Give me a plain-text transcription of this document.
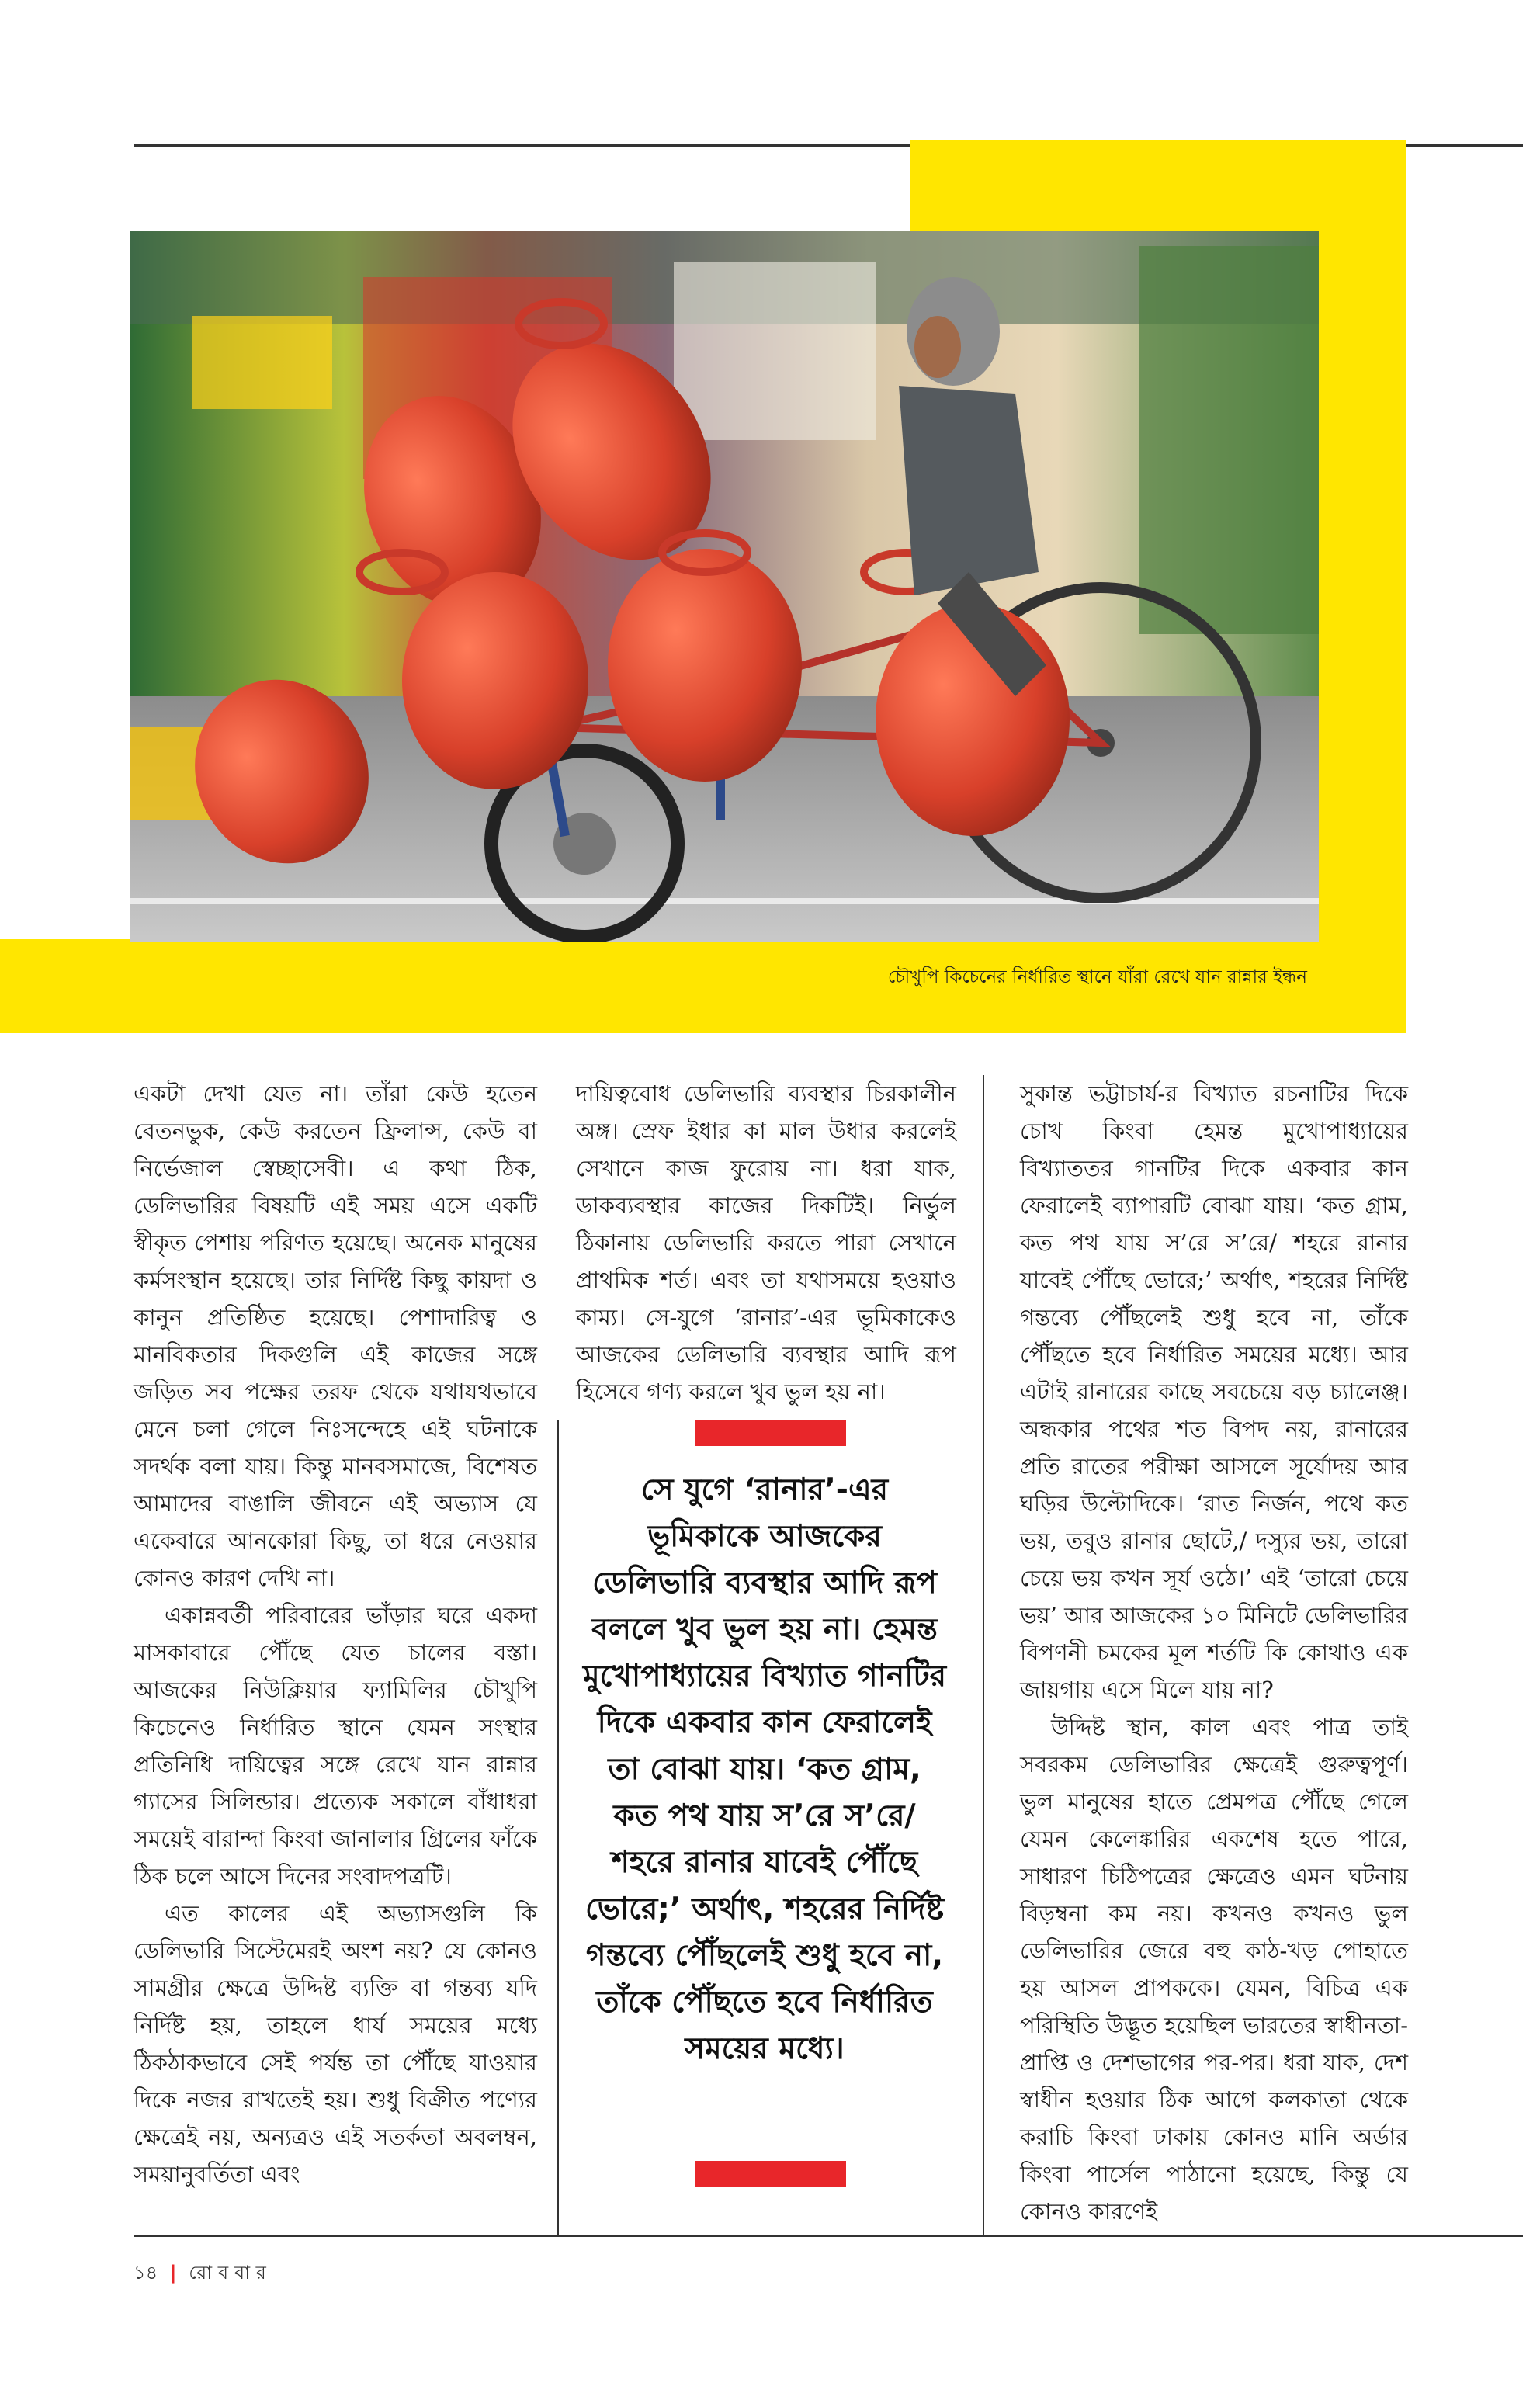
চৌখুপি কিচেনের নির্ধারিত স্থানে যাঁরা রেখে যান রান্নার ইন্ধন

একটা দেখা যেত না। তাঁরা কেউ হতেন বেতনভুক, কেউ করতেন ফ্রিলান্স, কেউ বা নির্ভেজাল স্বেচ্ছাসেবী। এ কথা ঠিক, ডেলিভারির বিষয়টি এই সময় এসে একটি স্বীকৃত পেশায় পরিণত হয়েছে। অনেক মানুষের কর্মসংস্থান হয়েছে। তার নির্দিষ্ট কিছু কায়দা ও কানুন প্রতিষ্ঠিত হয়েছে। পেশাদারিত্ব ও মানবিকতার দিকগুলি এই কাজের সঙ্গে জড়িত সব পক্ষের তরফ থেকে যথাযথভাবে মেনে চলা গেলে নিঃসন্দেহে এই ঘটনাকে সদর্থক বলা যায়। কিন্তু মানবসমাজে, বিশেষত আমাদের বাঙালি জীবনে এই অভ্যাস যে একেবারে আনকোরা কিছু, তা ধরে নেওয়ার কোনও কারণ দেখি না।

একান্নবর্তী পরিবারের ভাঁড়ার ঘরে একদা মাসকাবারে পৌঁছে যেত চালের বস্তা। আজকের নিউক্লিয়ার ফ্যামিলির চৌখুপি কিচেনেও নির্ধারিত স্থানে যেমন সংস্থার প্রতিনিধি দায়িত্বের সঙ্গে রেখে যান রান্নার গ্যাসের সিলিন্ডার। প্রত্যেক সকালে বাঁধাধরা সময়েই বারান্দা কিংবা জানালার গ্রিলের ফাঁকে ঠিক চলে আসে দিনের সংবাদপত্রটি।

এত কালের এই অভ্যাসগুলি কি ডেলিভারি সিস্টেমেরই অংশ নয়? যে কোনও সামগ্রীর ক্ষেত্রে উদ্দিষ্ট ব্যক্তি বা গন্তব্য যদি নির্দিষ্ট হয়, তাহলে ধার্য সময়ের মধ্যে ঠিকঠাকভাবে সেই পর্যন্ত তা পৌঁছে যাওয়ার দিকে নজর রাখতেই হয়। শুধু বিক্রীত পণ্যের ক্ষেত্রেই নয়, অন্যত্রও এই সতর্কতা অবলম্বন, সময়ানুবর্তিতা এবং

দায়িত্ববোধ ডেলিভারি ব্যবস্থার চিরকালীন অঙ্গ। স্রেফ ইধার কা মাল উধার করলেই সেখানে কাজ ফুরোয় না। ধরা যাক, ডাকব্যবস্থার কাজের দিকটিই। নির্ভুল ঠিকানায় ডেলিভারি করতে পারা সেখানে প্রাথমিক শর্ত। এবং তা যথাসময়ে হওয়াও কাম্য। সে-যুগে ‘রানার’-এর ভূমিকাকেও আজকের ডেলিভারি ব্যবস্থার আদি রূপ হিসেবে গণ্য করলে খুব ভুল হয় না।

সে যুগে ‘রানার’-এর ভূমিকাকে আজকের ডেলিভারি ব্যবস্থার আদি রূপ বললে খুব ভুল হয় না। হেমন্ত মুখোপাধ্যায়ের বিখ্যাত গানটির দিকে একবার কান ফেরালেই তা বোঝা যায়। ‘কত গ্রাম, কত পথ যায় স’রে স’রে/ শহরে রানার যাবেই পৌঁছে ভোরে;’ অর্থাৎ, শহরের নির্দিষ্ট গন্তব্যে পৌঁছলেই শুধু হবে না, তাঁকে পৌঁছতে হবে নির্ধারিত সময়ের মধ্যে।

সুকান্ত ভট্টাচার্য-র বিখ্যাত রচনাটির দিকে চোখ কিংবা হেমন্ত মুখোপাধ্যায়ের বিখ্যাততর গানটির দিকে একবার কান ফেরালেই ব্যাপারটি বোঝা যায়। ‘কত গ্রাম, কত পথ যায় স’রে স’রে/ শহরে রানার যাবেই পৌঁছে ভোরে;’ অর্থাৎ, শহরের নির্দিষ্ট গন্তব্যে পৌঁছলেই শুধু হবে না, তাঁকে পৌঁছতে হবে নির্ধারিত সময়ের মধ্যে। আর এটাই রানারের কাছে সবচেয়ে বড় চ্যালেঞ্জ। অন্ধকার পথের শত বিপদ নয়, রানারের প্রতি রাতের পরীক্ষা আসলে সূর্যোদয় আর ঘড়ির উল্টোদিকে। ‘রাত নির্জন, পথে কত ভয়, তবুও রানার ছোটে,/ দস্যুর ভয়, তারো চেয়ে ভয় কখন সূর্য ওঠে।’ এই ‘তারো চেয়ে ভয়’ আর আজকের ১০ মিনিটে ডেলিভারির বিপণনী চমকের মূল শর্তটি কি কোথাও এক জায়গায় এসে মিলে যায় না?

উদ্দিষ্ট স্থান, কাল এবং পাত্র তাই সবরকম ডেলিভারির ক্ষেত্রেই গুরুত্বপূর্ণ। ভুল মানুষের হাতে প্রেমপত্র পৌঁছে গেলে যেমন কেলেঙ্কারির একশেষ হতে পারে, সাধারণ চিঠিপত্রের ক্ষেত্রেও এমন ঘটনায় বিড়ম্বনা কম নয়। কখনও কখনও ভুল ডেলিভারির জেরে বহু কাঠ-খড় পোহাতে হয় আসল প্রাপককে। যেমন, বিচিত্র এক পরিস্থিতি উদ্ভূত হয়েছিল ভারতের স্বাধীনতা-প্রাপ্তি ও দেশভাগের পর-পর। ধরা যাক, দেশ স্বাধীন হওয়ার ঠিক আগে কলকাতা থেকে করাচি কিংবা ঢাকায় কোনও মানি অর্ডার কিংবা পার্সেল পাঠানো হয়েছে, কিন্তু যে কোনও কারণেই

১৪ | রো ব বা র
